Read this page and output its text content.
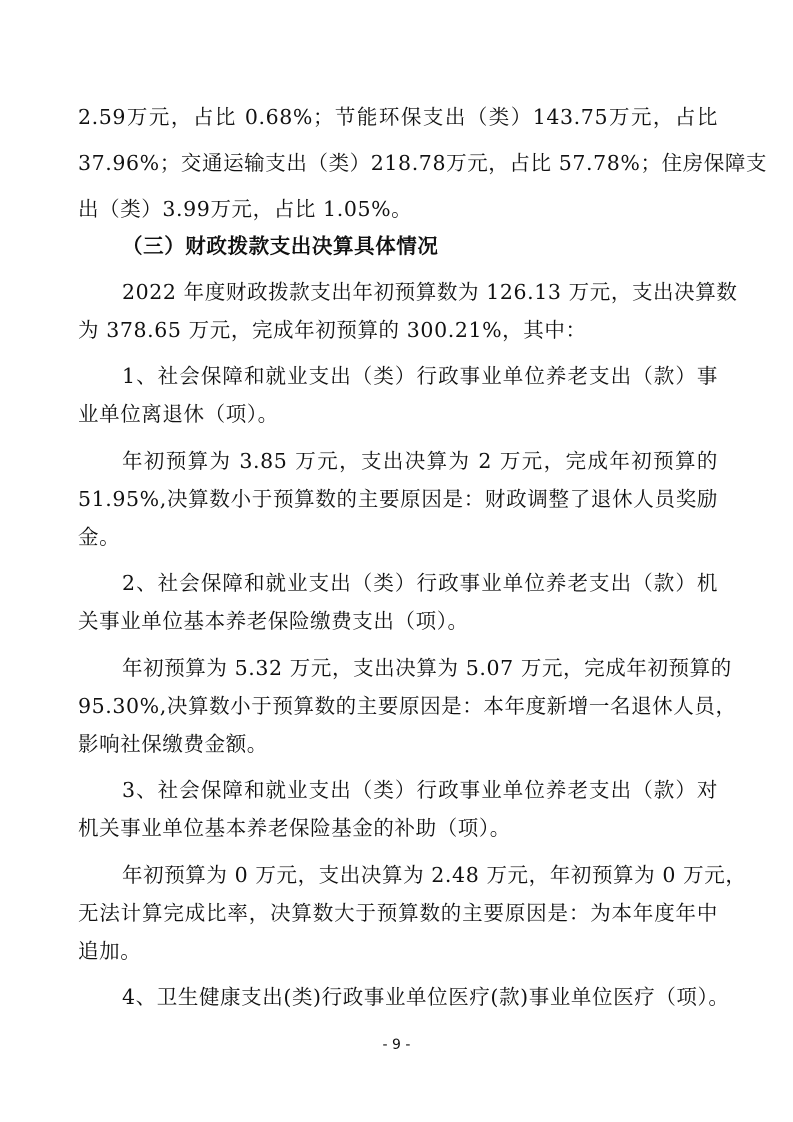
2.59万元，占比 0.68%；节能环保支出（类）143.75万元，占比
37.96%；交通运输支出（类）218.78万元，占比 57.78%；住房保障支
出（类）3.99万元，占比 1.05%。
（三）财政拨款支出决算具体情况
2022 年度财政拨款支出年初预算数为 126.13 万元，支出决算数
为 378.65 万元，完成年初预算的 300.21%，其中：
1、社会保障和就业支出（类）行政事业单位养老支出（款）事
业单位离退休（项）。
年初预算为 3.85 万元，支出决算为 2 万元，完成年初预算的
51.95%,决算数小于预算数的主要原因是：财政调整了退休人员奖励
金。
2、社会保障和就业支出（类）行政事业单位养老支出（款）机
关事业单位基本养老保险缴费支出（项）。
年初预算为 5.32 万元，支出决算为 5.07 万元，完成年初预算的
95.30%,决算数小于预算数的主要原因是：本年度新增一名退休人员，
影响社保缴费金额。
3、社会保障和就业支出（类）行政事业单位养老支出（款）对
机关事业单位基本养老保险基金的补助（项）。
年初预算为 0 万元，支出决算为 2.48 万元，年初预算为 0 万元，
无法计算完成比率，决算数大于预算数的主要原因是：为本年度年中
追加。
4、卫生健康支出(类)行政事业单位医疗(款)事业单位医疗（项）。
- 9 -
